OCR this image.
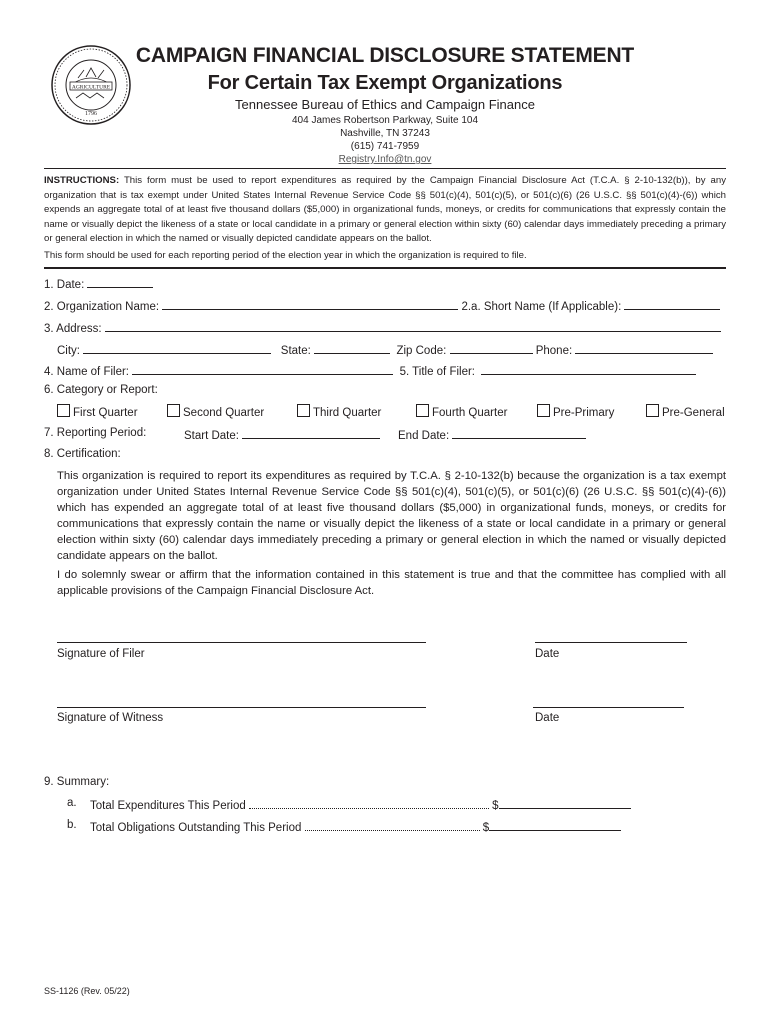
AGRICULTURE
1796
CAMPAIGN FINANCIAL DISCLOSURE STATEMENT
For Certain Tax Exempt Organizations
Tennessee Bureau of Ethics and Campaign Finance
404 James Robertson Parkway, Suite 104
Nashville, TN 37243
(615) 741-7959
Registry.Info@tn.gov
INSTRUCTIONS: This form must be used to report expenditures as required by the Campaign Financial Disclosure Act (T.C.A. § 2-10-132(b)), by any organization that is tax exempt under United States Internal Revenue Service Code §§ 501(c)(4), 501(c)(5), or 501(c)(6) (26 U.S.C. §§ 501(c)(4)-(6)) which expends an aggregate total of at least five thousand dollars ($5,000) in organizational funds, moneys, or credits for communications that expressly contain the name or visually depict the likeness of a state or local candidate in a primary or general election within sixty (60) calendar days immediately preceding a primary or general election in which the named or visually depicted candidate appears on the ballot.
This form should be used for each reporting period of the election year in which the organization is required to file.
1. Date:
2. Organization Name:	2.a. Short Name (If Applicable):
3. Address:
City:	State:	Zip Code:	Phone:
4. Name of Filer:	5. Title of Filer:
6. Category or Report:
First Quarter	Second Quarter	Third Quarter	Fourth Quarter	Pre-Primary	Pre-General
7. Reporting Period:	Start Date:	End Date:
8. Certification:
This organization is required to report its expenditures as required by T.C.A. § 2-10-132(b) because the organization is a tax exempt organization under United States Internal Revenue Service Code §§ 501(c)(4), 501(c)(5), or 501(c)(6) (26 U.S.C. §§ 501(c)(4)-(6)) which has expended an aggregate total of at least five thousand dollars ($5,000) in organizational funds, moneys, or credits for communications that expressly contain the name or visually depict the likeness of a state or local candidate in a primary or general election within sixty (60) calendar days immediately preceding a primary or general election in which the named or visually depicted candidate appears on the ballot.
I do solemnly swear or affirm that the information contained in this statement is true and that the committee has complied with all applicable provisions of the Campaign Financial Disclosure Act.
Signature of Filer	Date
Signature of Witness	Date
9. Summary:
a. Total Expenditures This Period	$
b. Total Obligations Outstanding This Period	$
SS-1126 (Rev. 05/22)
